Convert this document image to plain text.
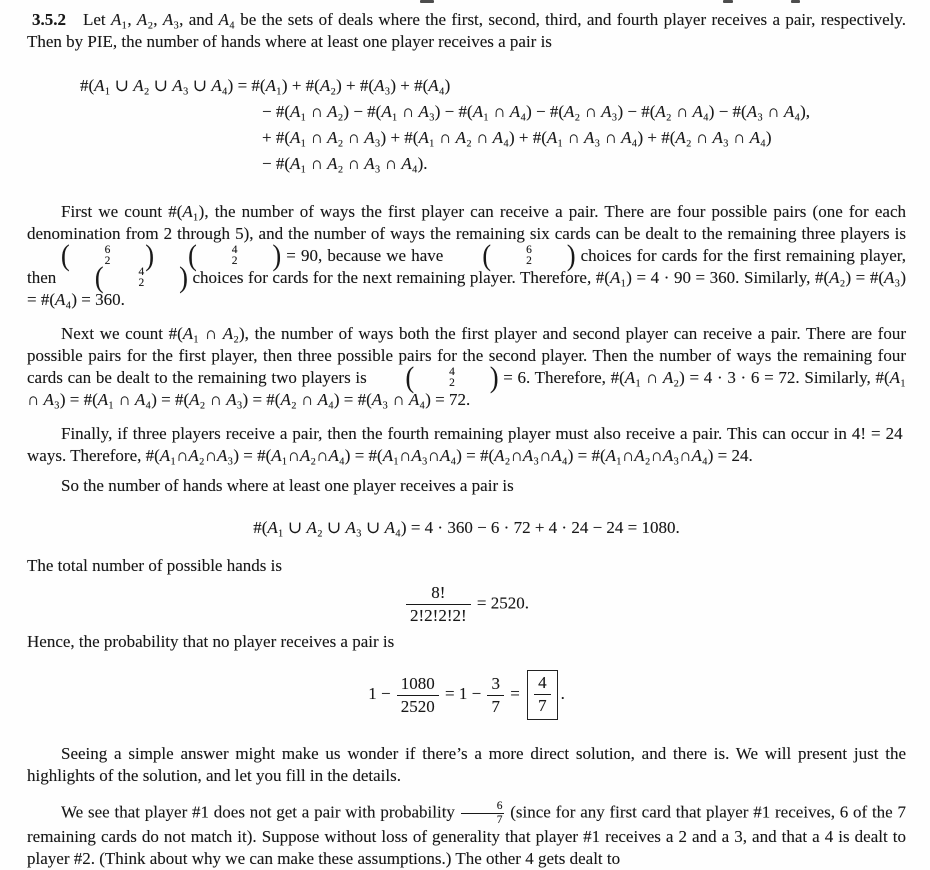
3.5.2 Let A₁, A₂, A₃, and A₄ be the sets of deals where the first, second, third, and fourth player receives a pair, respectively. Then by PIE, the number of hands where at least one player receives a pair is

#(A₁ ∪ A₂ ∪ A₃ ∪ A₄) = #(A₁) + #(A₂) + #(A₃) + #(A₄)
− #(A₁ ∩ A₂) − #(A₁ ∩ A₃) − #(A₁ ∩ A₄) − #(A₂ ∩ A₃) − #(A₂ ∩ A₄) − #(A₃ ∩ A₄),
+ #(A₁ ∩ A₂ ∩ A₃) + #(A₁ ∩ A₂ ∩ A₄) + #(A₁ ∩ A₃ ∩ A₄) + #(A₂ ∩ A₃ ∩ A₄)
− #(A₁ ∩ A₂ ∩ A₃ ∩ A₄).

First we count #(A₁), the number of ways the first player can receive a pair. There are four possible pairs (one for each denomination from 2 through 5), and the number of ways the remaining six cards can be dealt to the remaining three players is
(	6
2	)	(	4
2	) = 90, because we have	(	6
2	) choices for cards for the first remaining player, then	(	4
2	) choices for cards for the next remaining player. Therefore, #(A₁) = 4 · 90 = 360. Similarly, #(A₂) = #(A₃) = #(A₄) = 360.

Next we count #(A₁ ∩ A₂), the number of ways both the first player and second player can receive a pair. There are four possible pairs for the first player, then three possible pairs for the second player. Then the number of ways the remaining four cards can be dealt to the remaining two players is	(	4
2	) = 6. Therefore, #(A₁ ∩ A₂) = 4 · 3 · 6 = 72. Similarly, #(A₁ ∩ A₃) = #(A₁ ∩ A₄) = #(A₂ ∩ A₃) = #(A₂ ∩ A₄) = #(A₃ ∩ A₄) = 72.

Finally, if three players receive a pair, then the fourth remaining player must also receive a pair. This can occur in 4! = 24 ways. Therefore, #(A₁∩A₂∩A₃) = #(A₁∩A₂∩A₄) = #(A₁∩A₃∩A₄) = #(A₂∩A₃∩A₄) = #(A₁∩A₂∩A₃∩A₄) = 24.

So the number of hands where at least one player receives a pair is

#(A₁ ∪ A₂ ∪ A₃ ∪ A₄) = 4 · 360 − 6 · 72 + 4 · 24 − 24 = 1080.

The total number of possible hands is

$\frac{8!}{2!2!2!2!} = 2520$.

Hence, the probability that no player receives a pair is

$1 - \frac{1080}{2520} = 1 - \frac{3}{7} = \frac{4}{7}$ .

Seeing a simple answer might make us wonder if there’s a more direct solution, and there is. We will present just the highlights of the solution, and let you fill in the details.

We see that player #1 does not get a pair with probability $\frac{6}{7}$ (since for any first card that player #1 receives, 6 of the 7 remaining cards do not match it). Suppose without loss of generality that player #1 receives a 2 and a 3, and that a 4 is dealt to player #2. (Think about why we can make these assumptions.) The other 4 gets dealt to
